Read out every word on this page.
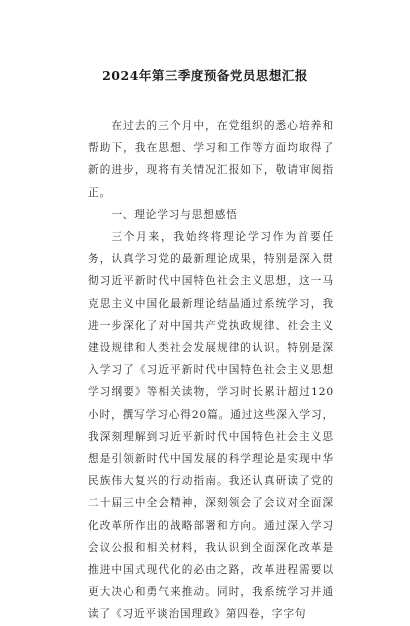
2024年第三季度预备党员思想汇报

在过去的三个月中，在党组织的悉心培养和帮助下，我在思想、学习和工作等方面均取得了新的进步，现将有关情况汇报如下，敬请审阅指正。

一、理论学习与思想感悟

三个月来，我始终将理论学习作为首要任务，认真学习党的最新理论成果，特别是深入贯彻习近平新时代中国特色社会主义思想，这一马克思主义中国化最新理论结晶通过系统学习，我进一步深化了对中国共产党执政规律、社会主义建设规律和人类社会发展规律的认识。特别是深入学习了《习近平新时代中国特色社会主义思想学习纲要》等相关读物，学习时长累计超过120小时，撰写学习心得20篇。通过这些深入学习，我深刻理解到习近平新时代中国特色社会主义思想是引领新时代中国发展的科学理论是实现中华民族伟大复兴的行动指南。我还认真研读了党的二十届三中全会精神，深刻领会了会议对全面深化改革所作出的战略部署和方向。通过深入学习会议公报和相关材料，我认识到全面深化改革是推进中国式现代化的必由之路，改革进程需要以更大决心和勇气来推动。同时，我系统学习并通读了《习近平谈治国理政》第四卷，字字句
